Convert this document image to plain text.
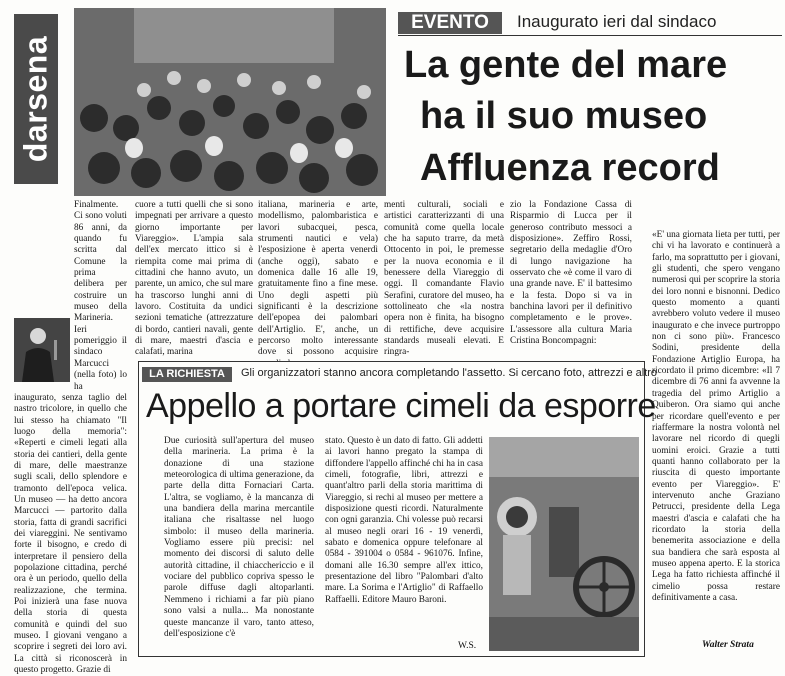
darsena
EVENTO	Inaugurato ieri dal sindaco
La gente del mare
ha il suo museo
Affluenza record
Finalmente. Ci sono voluti 86 anni, da quando fu scritta dal Comune la prima delibera per costruire un museo della Marineria. Ieri pomeriggio il sindaco Marcucci (nella foto) lo ha inaugurato, senza taglio del nastro tricolore, in quello che lui stesso ha chiamato "Il luogo della memoria": «Reperti e cimeli legati alla storia dei cantieri, della gente di mare, delle maestranze sugli scali, dello splendore e tramonto dell'epoca velica. Un museo — ha detto ancora Marcucci — partorito dalla storia, fatta di grandi sacrifici dei viareggini. Ne sentivamo forte il bisogno, e credo di interpretare il pensiero della popolazione cittadina, perché ora è un periodo, quello della realizzazione, che termina. Poi inizierà una fase nuova della storia di questa comunità e quindi del suo museo. I giovani vengano a scoprire i segreti dei loro avi. La città si riconoscerà in questo progetto. Grazie di
cuore a tutti quelli che si sono impegnati per arrivare a questo giorno importante per Viareggio». L'ampia sala dell'ex mercato ittico si è riempita come mai prima di cittadini che hanno avuto, un parente, un amico, che sul mare ha trascorso lunghi anni di lavoro. Costituita da undici sezioni tematiche (attrezzature di bordo, cantieri navali, gente di mare, maestri d'ascia e calafati, marina
italiana, marineria e arte, modellismo, palombaristica e lavori subacquei, pesca, strumenti nautici e vela) l'esposizione è aperta venerdì (anche oggi), sabato e domenica dalle 16 alle 19, gratuitamente fino a fine mese. Uno degli aspetti più significanti è la descrizione dell'epopea dei palombari dell'Artiglio. E', anche, un percorso molto interessante dove si possono acquisire
menti culturali, sociali e artistici caratterizzanti di una comunità come quella locale che ha saputo trarre, da metà Ottocento in poi, le premesse per la nuova economia e il benessere della Viareggio di oggi. Il comandante Flavio Serafini, curatore del museo, ha sottolineato che «la nostra opera non è finita, ha bisogno di rettifiche, deve acquisire standards museali elevati. E ringra-
zio la Fondazione Cassa di Risparmio di Lucca per il generoso contributo messoci a disposizione». Zeffiro Rossi, segretario della medaglie d'Oro di lungo navigazione ha osservato che «è come il varo di una grande nave. E' il battesimo e la festa. Dopo si va in banchina lavori per il definitivo completamento e le prove». L'assessore alla cultura Maria Cristina Boncompagni:
«E' una giornata lieta per tutti, per chi vi ha lavorato e continuerà a farlo, ma soprattutto per i giovani, gli studenti, che spero vengano numerosi qui per scoprire la storia dei loro nonni e bisnonni. Dedico questo momento a quanti avrebbero voluto vedere il museo inaugurato e che invece purtroppo non ci sono più». Francesco Sodini, presidente della Fondazione Artiglio Europa, ha ricordato il primo dicembre: «Il 7 dicembre di 76 anni fa avvenne la tragedia del primo Artiglio a Quiberon. Ora siamo qui anche per ricordare quell'evento e per riaffermare la nostra volontà nel lavorare nel ricordo di quegli uomini eroici. Grazie a tutti quanti hanno collaborato per la riuscita di questo importante evento per Viareggio». E' intervenuto anche Graziano Petrucci, presidente della Lega maestri d'ascia e calafati che ha ricordato la storia della benemerita associazione e della sua bandiera che sarà esposta al museo appena aperto. E la storica Lega ha fatto richiesta affinché il cimelio possa restare definitivamente a casa.
Walter Strata
LA RICHIESTA	Gli organizzatori stanno ancora completando l'assetto. Si cercano foto, attrezzi e altro
Appello a portare cimeli da esporre
Due curiosità sull'apertura del museo della marineria. La prima è la donazione di una stazione meteorologica di ultima generazione, da parte della ditta Fornaciari Carta. L'altra, se vogliamo, è la mancanza di una bandiera della marina mercantile italiana che risaltasse nel luogo simbolo: il museo della marineria. Vogliamo essere più precisi: nel momento dei discorsi di saluto delle autorità cittadine, il chiacchericcio e il vociare del pubblico copriva spesso le parole diffuse dagli altoparlanti. Nemmeno i richiami a far più piano sono valsi a nulla... Ma nonostante queste mancanze il varo, tanto atteso, dell'esposizione c'è
stato. Questo è un dato di fatto. Gli addetti ai lavori hanno pregato la stampa di diffondere l'appello affinché chi ha in casa cimeli, fotografie, libri, attrezzi e quant'altro parli della storia marittima di Viareggio, si rechi al museo per mettere a disposizione questi ricordi. Naturalmente con ogni garanzia. Chi volesse può recarsi al museo negli orari 16 - 19 venerdì, sabato e domenica oppure telefonare al 0584 - 391004 o 0584 - 961076. Infine, domani alle 16.30 sempre all'ex ittico, presentazione del libro "Palombari d'alto mare. La Sorima e l'Artiglio" di Raffaello Raffaelli. Editore Mauro Baroni.
W.S.
